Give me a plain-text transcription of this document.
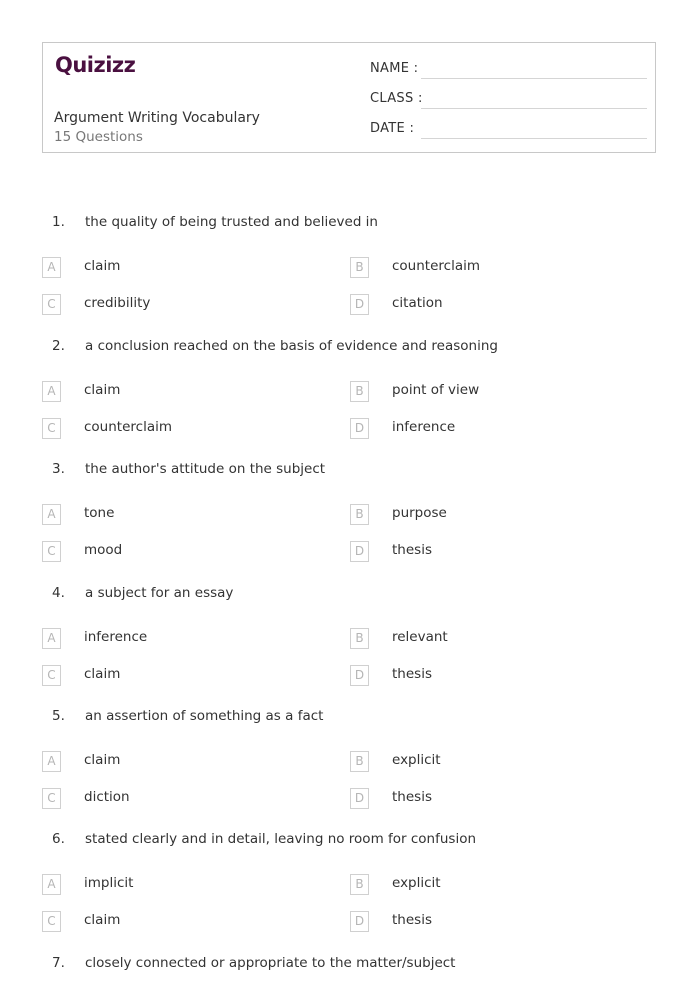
Quizizz
Argument Writing Vocabulary
15 Questions
NAME :
CLASS :
DATE :
1. the quality of being trusted and believed in
A	claim	B	counterclaim
C	credibility	D	citation
2. a conclusion reached on the basis of evidence and reasoning
A	claim	B	point of view
C	counterclaim	D	inference
3. the author's attitude on the subject
A	tone	B	purpose
C	mood	D	thesis
4. a subject for an essay
A	inference	B	relevant
C	claim	D	thesis
5. an assertion of something as a fact
A	claim	B	explicit
C	diction	D	thesis
6. stated clearly and in detail, leaving no room for confusion
A	implicit	B	explicit
C	claim	D	thesis
7. closely connected or appropriate to the matter/subject
